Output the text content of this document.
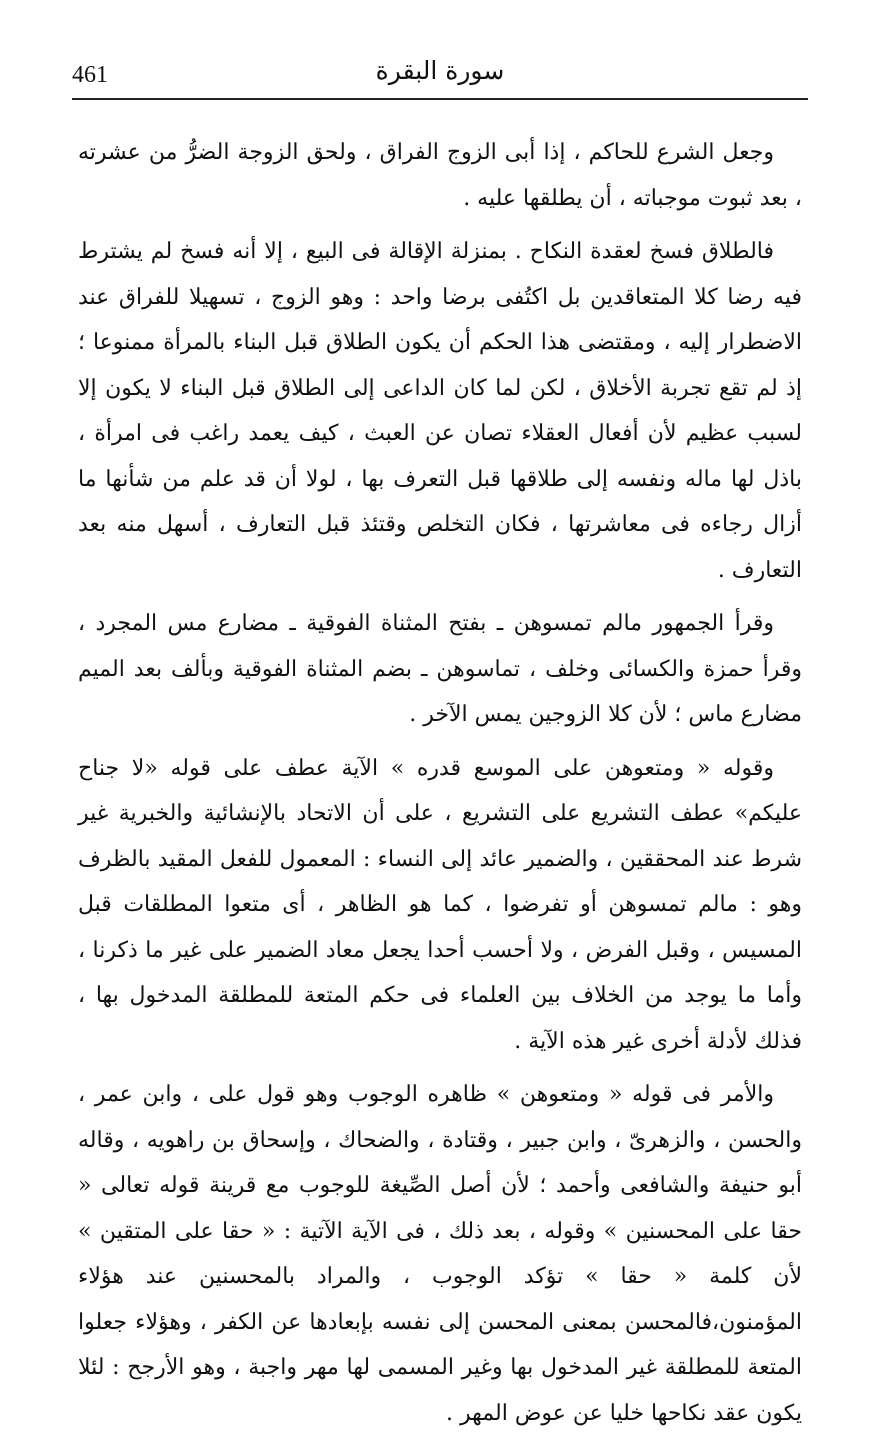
461	سورة البقرة

وجعل الشرع للحاكم ، إذا أبى الزوج الفراق ، ولحق الزوجة الضرُّ من عشرته ، بعد ثبوت موجباته ، أن يطلقها عليه .

فالطلاق فسخ لعقدة النكاح . بمنزلة الإقالة فى البيع ، إلا أنه فسخ لم يشترط فيه رضا كلا المتعاقدين بل اكتُفى برضا واحد : وهو الزوج ، تسهيلا للفراق عند الاضطرار إليه ، ومقتضى هذا الحكم أن يكون الطلاق قبل البناء بالمرأة ممنوعا ؛ إذ لم تقع تجربة الأخلاق ، لكن لما كان الداعى إلى الطلاق قبل البناء لا يكون إلا لسبب عظيم لأن أفعال العقلاء تصان عن العبث ، كيف يعمد راغب فى امرأة ، باذل لها ماله ونفسه إلى طلاقها قبل التعرف بها ، لولا أن قد علم من شأنها ما أزال رجاءه فى معاشرتها ، فكان التخلص وقتئذ قبل التعارف ، أسهل منه بعد التعارف .

وقرأ الجمهور مالم تمسوهن ـ بفتح المثناة الفوقية ـ مضارع مس المجرد ، وقرأ حمزة والكسائى وخلف ، تماسوهن ـ بضم المثناة الفوقية وبألف بعد الميم مضارع ماس ؛ لأن كلا الزوجين يمس الآخر .

وقوله « ومتعوهن على الموسع قدره » الآية عطف على قوله «لا جناح عليكم» عطف التشريع على التشريع ، على أن الاتحاد بالإنشائية والخبرية غير شرط عند المحققين ، والضمير عائد إلى النساء : المعمول للفعل المقيد بالظرف وهو : مالم تمسوهن أو تفرضوا ، كما هو الظاهر ، أى متعوا المطلقات قبل المسيس ، وقبل الفرض ، ولا أحسب أحدا يجعل معاد الضمير على غير ما ذكرنا ، وأما ما يوجد من الخلاف بين العلماء فى حكم المتعة للمطلقة المدخول بها ، فذلك لأدلة أخرى غير هذه الآية .

والأمر فى قوله « ومتعوهن » ظاهره الوجوب وهو قول على ، وابن عمر ، والحسن ، والزهرىّ ، وابن جبير ، وقتادة ، والضحاك ، وإسحاق بن راهويه ، وقاله أبو حنيفة والشافعى وأحمد ؛ لأن أصل الصِّيغة للوجوب مع قرينة قوله تعالى « حقا على المحسنين » وقوله ، بعد ذلك ، فى الآية الآتية : « حقا على المتقين » لأن كلمة « حقا » تؤكد الوجوب ، والمراد بالمحسنين عند هؤلاء المؤمنون،فالمحسن بمعنى المحسن إلى نفسه بإبعادها عن الكفر ، وهؤلاء جعلوا المتعة للمطلقة غير المدخول بها وغير المسمى لها مهر واجبة ، وهو الأرجح : لئلا يكون عقد نكاحها خليا عن عوض المهر .
